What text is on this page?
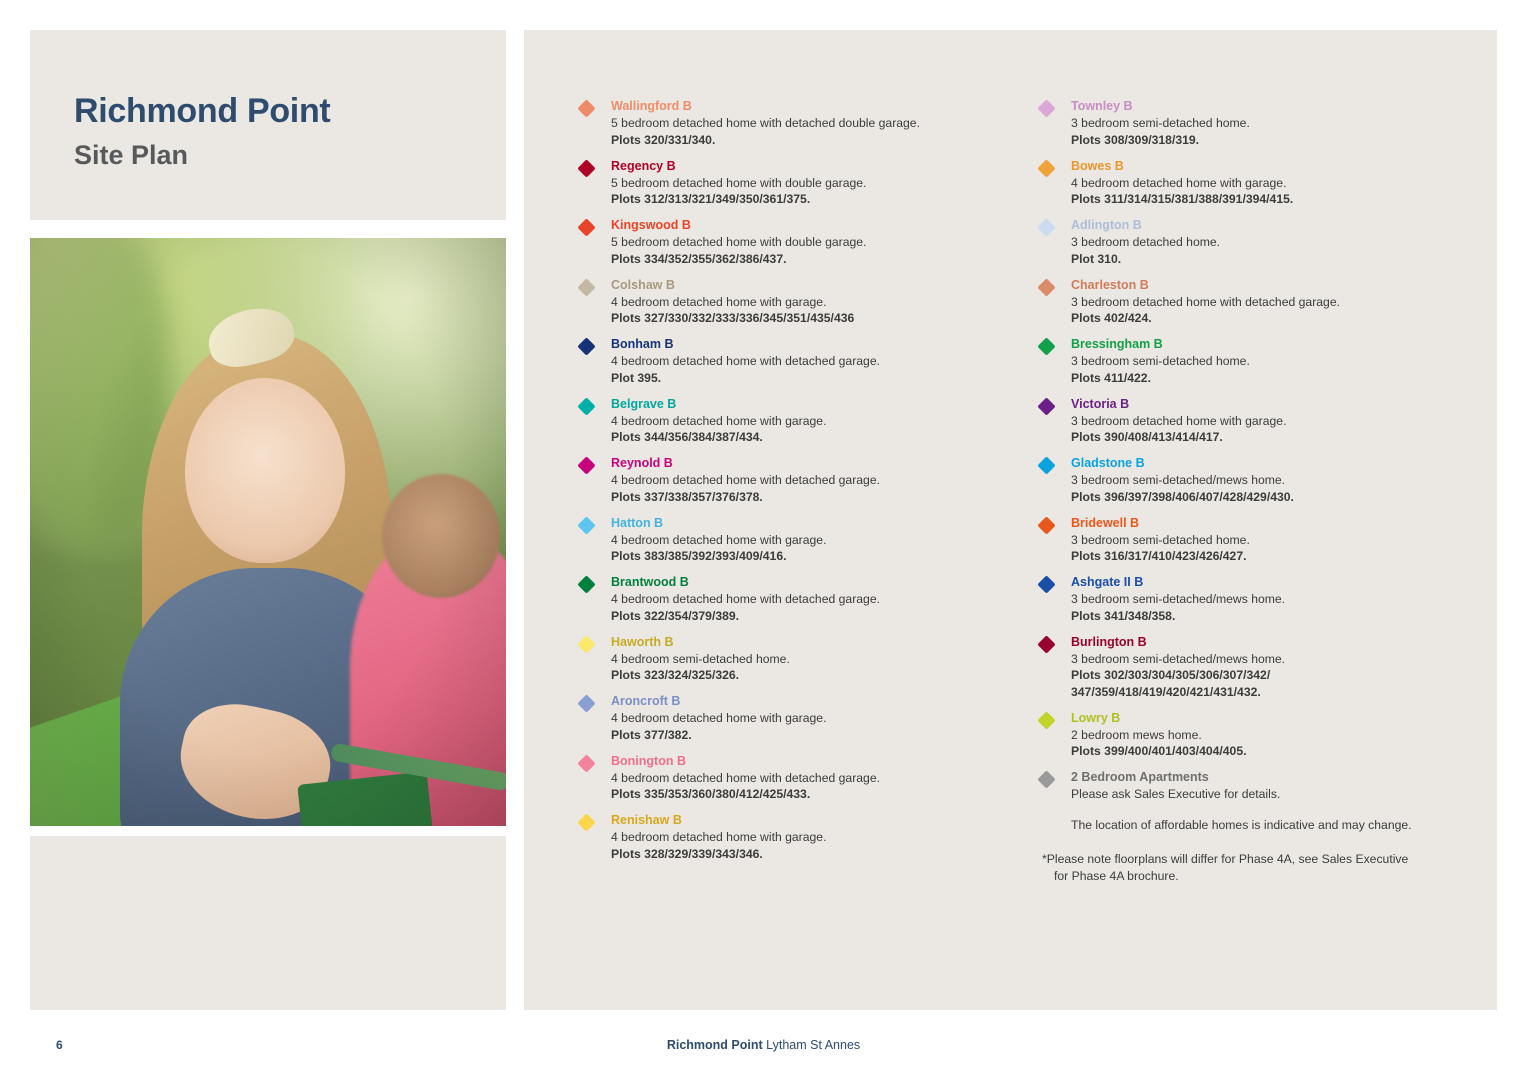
Richmond Point
Site Plan
Wallingford B
5 bedroom detached home with detached double garage.
Plots 320/331/340.
Regency B
5 bedroom detached home with double garage.
Plots 312/313/321/349/350/361/375.
Kingswood B
5 bedroom detached home with double garage.
Plots 334/352/355/362/386/437.
Colshaw B
4 bedroom detached home with garage.
Plots 327/330/332/333/336/345/351/435/436
Bonham B
4 bedroom detached home with detached garage.
Plot 395.
Belgrave B
4 bedroom detached home with garage.
Plots 344/356/384/387/434.
Reynold B
4 bedroom detached home with detached garage.
Plots 337/338/357/376/378.
Hatton B
4 bedroom detached home with garage.
Plots 383/385/392/393/409/416.
Brantwood B
4 bedroom detached home with detached garage.
Plots 322/354/379/389.
Haworth B
4 bedroom semi-detached home.
Plots 323/324/325/326.
Aroncroft B
4 bedroom detached home with garage.
Plots 377/382.
Bonington B
4 bedroom detached home with detached garage.
Plots 335/353/360/380/412/425/433.
Renishaw B
4 bedroom detached home with garage.
Plots 328/329/339/343/346.
Townley B
3 bedroom semi-detached home.
Plots 308/309/318/319.
Bowes B
4 bedroom detached home with garage.
Plots 311/314/315/381/388/391/394/415.
Adlington B
3 bedroom detached home.
Plot 310.
Charleston B
3 bedroom detached home with detached garage.
Plots 402/424.
Bressingham B
3 bedroom semi-detached home.
Plots 411/422.
Victoria B
3 bedroom detached home with garage.
Plots 390/408/413/414/417.
Gladstone B
3 bedroom semi-detached/mews home.
Plots 396/397/398/406/407/428/429/430.
Bridewell B
3 bedroom semi-detached home.
Plots 316/317/410/423/426/427.
Ashgate II B
3 bedroom semi-detached/mews home.
Plots 341/348/358.
Burlington B
3 bedroom semi-detached/mews home.
Plots 302/303/304/305/306/307/342/
347/359/418/419/420/421/431/432.
Lowry B
2 bedroom mews home.
Plots 399/400/401/403/404/405.
2 Bedroom Apartments
Please ask Sales Executive for details.
The location of affordable homes is indicative and may change.
*Please note floorplans will differ for Phase 4A, see Sales Executive
for Phase 4A brochure.
6	Richmond Point Lytham St Annes
